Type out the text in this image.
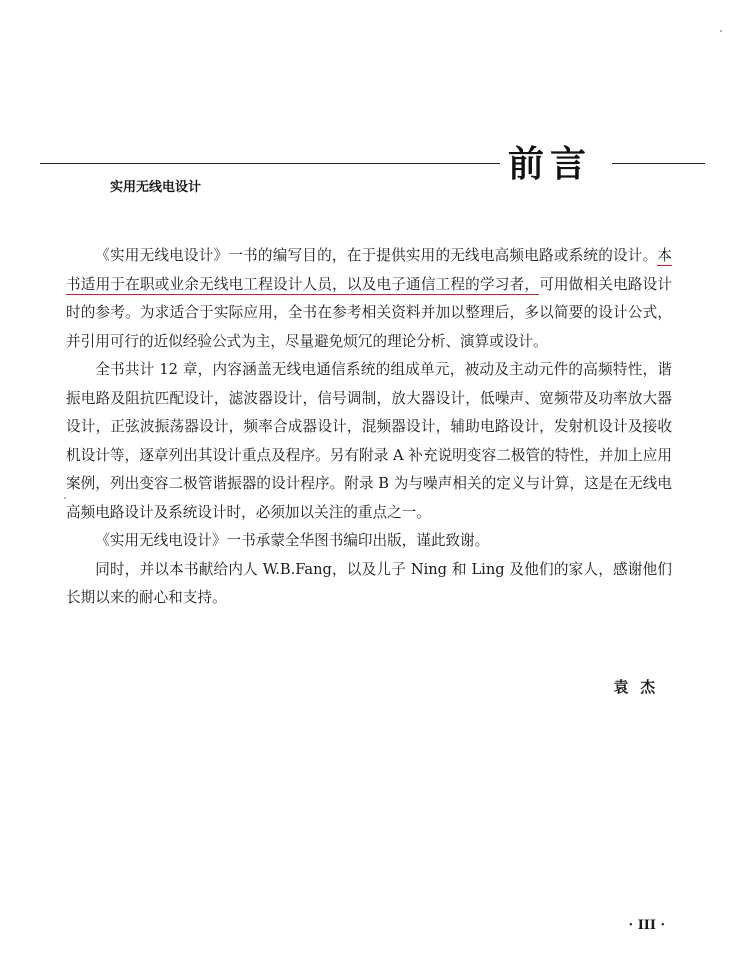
前言
实用无线电设计

《实用无线电设计》一书的编写目的，在于提供实用的无线电高频电路或系统的设计。本书适用于在职或业余无线电工程设计人员，以及电子通信工程的学习者，可用做相关电路设计时的参考。为求适合于实际应用，全书在参考相关资料并加以整理后，多以简要的设计公式，并引用可行的近似经验公式为主，尽量避免烦冗的理论分析、演算或设计。

全书共计 12 章，内容涵盖无线电通信系统的组成单元，被动及主动元件的高频特性，谐振电路及阻抗匹配设计，滤波器设计，信号调制，放大器设计，低噪声、宽频带及功率放大器设计，正弦波振荡器设计，频率合成器设计，混频器设计，辅助电路设计，发射机设计及接收机设计等，逐章列出其设计重点及程序。另有附录 A 补充说明变容二极管的特性，并加上应用案例，列出变容二极管谐振器的设计程序。附录 B 为与噪声相关的定义与计算，这是在无线电高频电路设计及系统设计时，必须加以关注的重点之一。

《实用无线电设计》一书承蒙全华图书编印出版，谨此致谢。

同时，并以本书献给内人 W.B.Fang，以及儿子 Ning 和 Ling 及他们的家人，感谢他们长期以来的耐心和支持。

袁杰
· III ·
